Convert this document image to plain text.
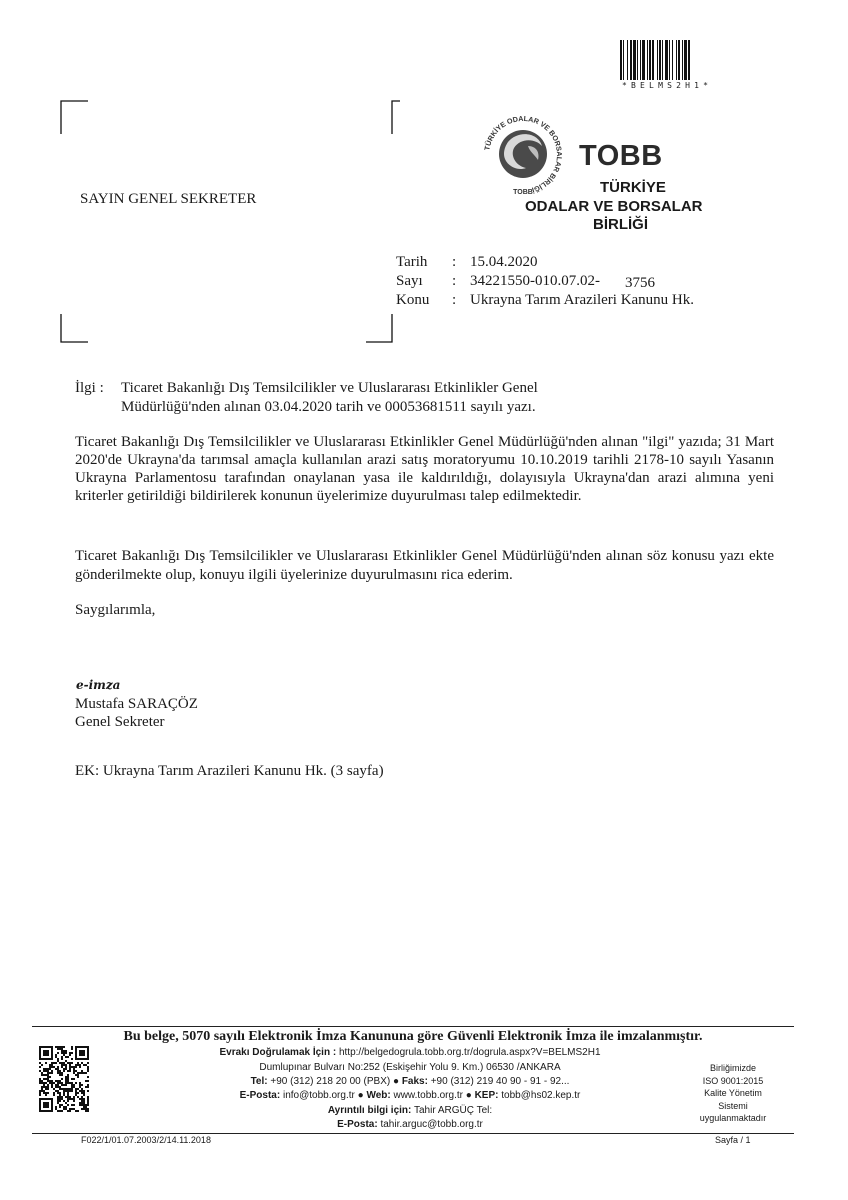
*BELMS2H1*
TÜRKİYE ODALAR VE BORSALAR BİRLİĞİ
TOBB
TOBB
TÜRKİYE
ODALAR VE BORSALAR
BİRLİĞİ
SAYIN GENEL SEKRETER
Tarih : 15.04.2020
Sayı : 34221550-010.07.02- 3756
Konu : Ukrayna Tarım Arazileri Kanunu Hk.
İlgi : Ticaret Bakanlığı Dış Temsilcilikler ve Uluslararası Etkinlikler Genel
Müdürlüğü'nden alınan 03.04.2020 tarih ve 00053681511 sayılı yazı.
Ticaret Bakanlığı Dış Temsilcilikler ve Uluslararası Etkinlikler Genel Müdürlüğü'nden alınan "ilgi" yazıda; 31 Mart 2020'de Ukrayna'da tarımsal amaçla kullanılan arazi satış moratoryumu 10.10.2019 tarihli 2178-10 sayılı Yasanın Ukrayna Parlamentosu tarafından onaylanan yasa ile kaldırıldığı, dolayısıyla Ukrayna'dan arazi alımına yeni kriterler getirildiği bildirilerek konunun üyelerimize duyurulması talep edilmektedir.
Ticaret Bakanlığı Dış Temsilcilikler ve Uluslararası Etkinlikler Genel Müdürlüğü'nden alınan söz konusu yazı ekte gönderilmekte olup, konuyu ilgili üyelerinize duyurulmasını rica ederim.
Saygılarımla,
e-imza
Mustafa SARAÇÖZ
Genel Sekreter
EK: Ukrayna Tarım Arazileri Kanunu Hk. (3 sayfa)
Bu belge, 5070 sayılı Elektronik İmza Kanununa göre Güvenli Elektronik İmza ile imzalanmıştır.
Evrakı Doğrulamak İçin : http://belgedogrula.tobb.org.tr/dogrula.aspx?V=BELMS2H1
Dumlupınar Bulvarı No:252 (Eskişehir Yolu 9. Km.) 06530 /ANKARA
Tel: +90 (312) 218 20 00 (PBX) ● Faks: +90 (312) 219 40 90 - 91 - 92...
E-Posta: info@tobb.org.tr ● Web: www.tobb.org.tr ● KEP: tobb@hs02.kep.tr
Ayrıntılı bilgi için: Tahir ARGÜÇ Tel:
E-Posta: tahir.arguc@tobb.org.tr
Birliğimizde
ISO 9001:2015
Kalite Yönetim
Sistemi
uygulanmaktadır
F022/1/01.07.2003/2/14.11.2018	Sayfa / 1
